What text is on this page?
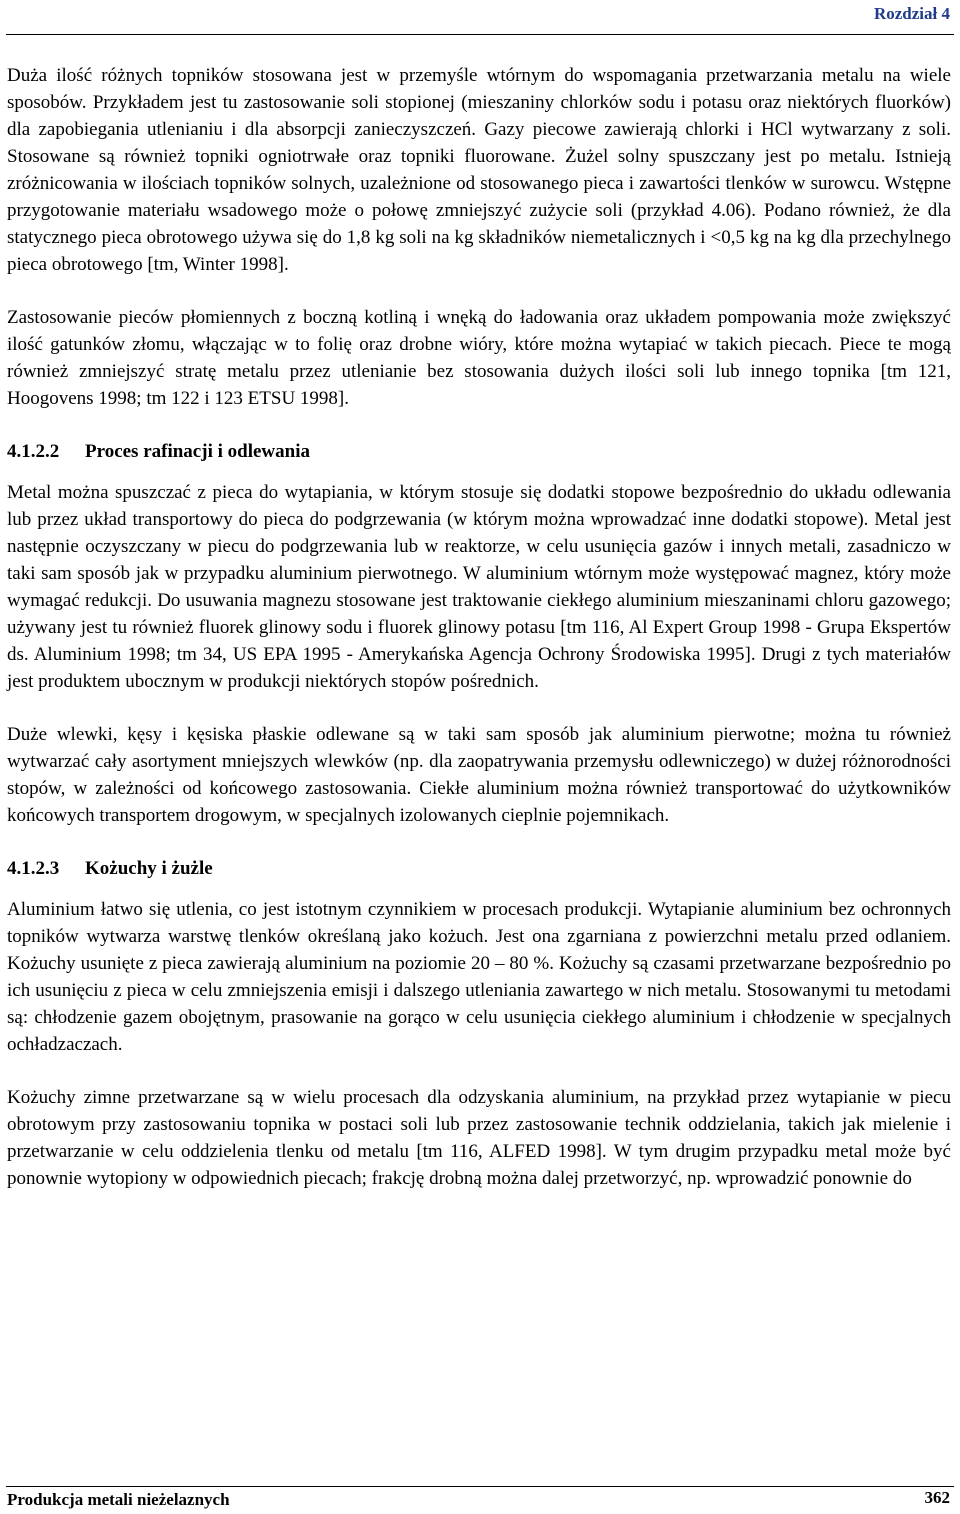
Rozdział 4

Duża ilość różnych topników stosowana jest w przemyśle wtórnym do wspomagania przetwarzania metalu na wiele sposobów. Przykładem jest tu zastosowanie soli stopionej (mieszaniny chlorków sodu i potasu oraz niektórych fluorków) dla zapobiegania utlenianiu i dla absorpcji zanieczyszczeń. Gazy piecowe zawierają chlorki i HCl wytwarzany z soli. Stosowane są również topniki ogniotrwałe oraz topniki fluorowane. Żużel solny spuszczany jest po metalu. Istnieją zróżnicowania w ilościach topników solnych, uzależnione od stosowanego pieca i zawartości tlenków w surowcu. Wstępne przygotowanie materiału wsadowego może o połowę zmniejszyć zużycie soli (przykład 4.06). Podano również, że dla statycznego pieca obrotowego używa się do 1,8 kg soli na kg składników niemetalicznych i <0,5 kg na kg dla przechylnego pieca obrotowego [tm, Winter 1998].

Zastosowanie pieców płomiennych z boczną kotliną i wnęką do ładowania oraz układem pompowania może zwiększyć ilość gatunków złomu, włączając w to folię oraz drobne wióry, które można wytapiać w takich piecach. Piece te mogą również zmniejszyć stratę metalu przez utlenianie bez stosowania dużych ilości soli lub innego topnika [tm 121, Hoogovens 1998; tm 122 i 123 ETSU 1998].

4.1.2.2 Proces rafinacji i odlewania

Metal można spuszczać z pieca do wytapiania, w którym stosuje się dodatki stopowe bezpośrednio do układu odlewania lub przez układ transportowy do pieca do podgrzewania (w którym można wprowadzać inne dodatki stopowe). Metal jest następnie oczyszczany w piecu do podgrzewania lub w reaktorze, w celu usunięcia gazów i innych metali, zasadniczo w taki sam sposób jak w przypadku aluminium pierwotnego. W aluminium wtórnym może występować magnez, który może wymagać redukcji. Do usuwania magnezu stosowane jest traktowanie ciekłego aluminium mieszaninami chloru gazowego; używany jest tu również fluorek glinowy sodu i fluorek glinowy potasu [tm 116, Al Expert Group 1998 - Grupa Ekspertów ds. Aluminium 1998; tm 34, US EPA 1995 - Amerykańska Agencja Ochrony Środowiska 1995]. Drugi z tych materiałów jest produktem ubocznym w produkcji niektórych stopów pośrednich.

Duże wlewki, kęsy i kęsiska płaskie odlewane są w taki sam sposób jak aluminium pierwotne; można tu również wytwarzać cały asortyment mniejszych wlewków (np. dla zaopatrywania przemysłu odlewniczego) w dużej różnorodności stopów, w zależności od końcowego zastosowania. Ciekłe aluminium można również transportować do użytkowników końcowych transportem drogowym, w specjalnych izolowanych cieplnie pojemnikach.

4.1.2.3 Kożuchy i żużle

Aluminium łatwo się utlenia, co jest istotnym czynnikiem w procesach produkcji. Wytapianie aluminium bez ochronnych topników wytwarza warstwę tlenków określaną jako kożuch. Jest ona zgarniana z powierzchni metalu przed odlaniem. Kożuchy usunięte z pieca zawierają aluminium na poziomie 20 – 80 %. Kożuchy są czasami przetwarzane bezpośrednio po ich usunięciu z pieca w celu zmniejszenia emisji i dalszego utleniania zawartego w nich metalu. Stosowanymi tu metodami są: chłodzenie gazem obojętnym, prasowanie na gorąco w celu usunięcia ciekłego aluminium i chłodzenie w specjalnych ochładzaczach.

Kożuchy zimne przetwarzane są w wielu procesach dla odzyskania aluminium, na przykład przez wytapianie w piecu obrotowym przy zastosowaniu topnika w postaci soli lub przez zastosowanie technik oddzielania, takich jak mielenie i przetwarzanie w celu oddzielenia tlenku od metalu [tm 116, ALFED 1998]. W tym drugim przypadku metal może być ponownie wytopiony w odpowiednich piecach; frakcję drobną można dalej przetworzyć, np. wprowadzić ponownie do

Produkcja metali nieżelaznych	362
